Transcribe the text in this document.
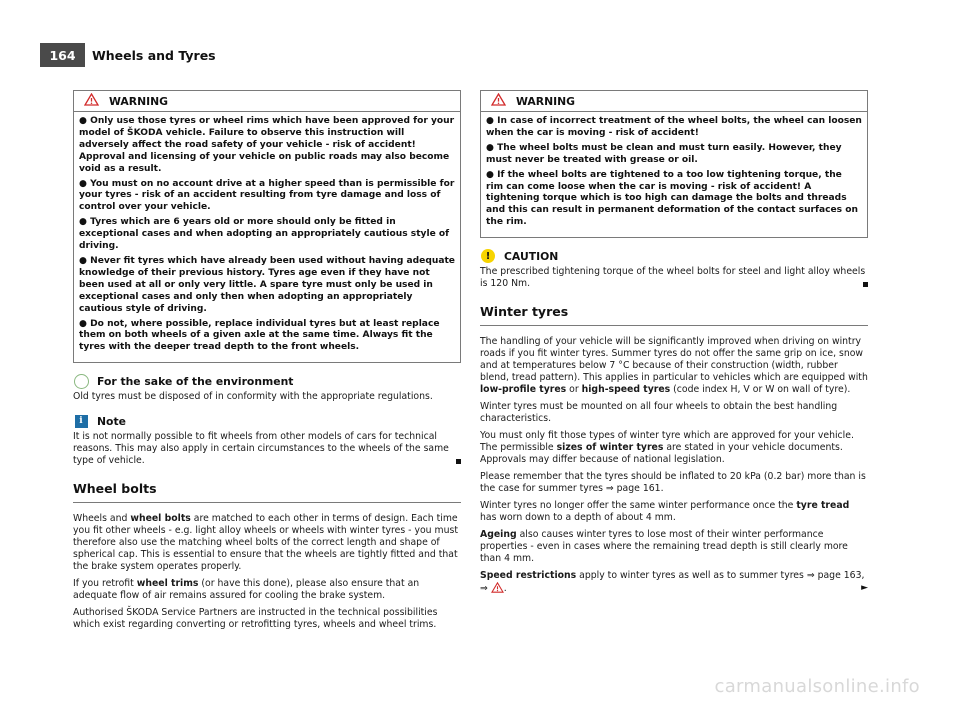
164	Wheels and Tyres
WARNING

● Only use those tyres or wheel rims which have been approved for your model of ŠKODA vehicle. Failure to observe this instruction will adversely affect the road safety of your vehicle - risk of accident! Approval and licensing of your vehicle on public roads may also become void as a result.

● You must on no account drive at a higher speed than is permissible for your tyres - risk of an accident resulting from tyre damage and loss of control over your vehicle.

● Tyres which are 6 years old or more should only be fitted in exceptional cases and when adopting an appropriately cautious style of driving.

● Never fit tyres which have already been used without having adequate knowledge of their previous history. Tyres age even if they have not been used at all or only very little. A spare tyre must only be used in exceptional cases and only then when adopting an appropriately cautious style of driving.

● Do not, where possible, replace individual tyres but at least replace them on both wheels of a given axle at the same time. Always fit the tyres with the deeper tread depth to the front wheels.

For the sake of the environment

Old tyres must be disposed of in conformity with the appropriate regulations.

i	Note

It is not normally possible to fit wheels from other models of cars for technical reasons. This may also apply in certain circumstances to the wheels of the same type of vehicle.

Wheel bolts

Wheels and wheel bolts are matched to each other in terms of design. Each time you fit other wheels - e.g. light alloy wheels or wheels with winter tyres - you must therefore also use the matching wheel bolts of the correct length and shape of spherical cap. This is essential to ensure that the wheels are tightly fitted and that the brake system operates properly.

If you retrofit wheel trims (or have this done), please also ensure that an adequate flow of air remains assured for cooling the brake system.

Authorised ŠKODA Service Partners are instructed in the technical possibilities which exist regarding converting or retrofitting tyres, wheels and wheel trims.

WARNING

● In case of incorrect treatment of the wheel bolts, the wheel can loosen when the car is moving - risk of accident!

● The wheel bolts must be clean and must turn easily. However, they must never be treated with grease or oil.

● If the wheel bolts are tightened to a too low tightening torque, the rim can come loose when the car is moving - risk of accident! A tightening torque which is too high can damage the bolts and threads and this can result in permanent deformation of the contact surfaces on the rim.

!	CAUTION

The prescribed tightening torque of the wheel bolts for steel and light alloy wheels is 120 Nm.

Winter tyres

The handling of your vehicle will be significantly improved when driving on wintry roads if you fit winter tyres. Summer tyres do not offer the same grip on ice, snow and at temperatures below 7 °C because of their construction (width, rubber blend, tread pattern). This applies in particular to vehicles which are equipped with low-profile tyres or high-speed tyres (code index H, V or W on wall of tyre).

Winter tyres must be mounted on all four wheels to obtain the best handling characteristics.

You must only fit those types of winter tyre which are approved for your vehicle. The permissible sizes of winter tyres are stated in your vehicle documents. Approvals may differ because of national legislation.

Please remember that the tyres should be inflated to 20 kPa (0.2 bar) more than is the case for summer tyres ⇒ page 161.

Winter tyres no longer offer the same winter performance once the tyre tread has worn down to a depth of about 4 mm.

Ageing also causes winter tyres to lose most of their winter performance properties - even in cases where the remaining tread depth is still clearly more than 4 mm.

Speed restrictions apply to winter tyres as well as to summer tyres ⇒ page 163, ⇒ .	►

carmanualsonline.info
